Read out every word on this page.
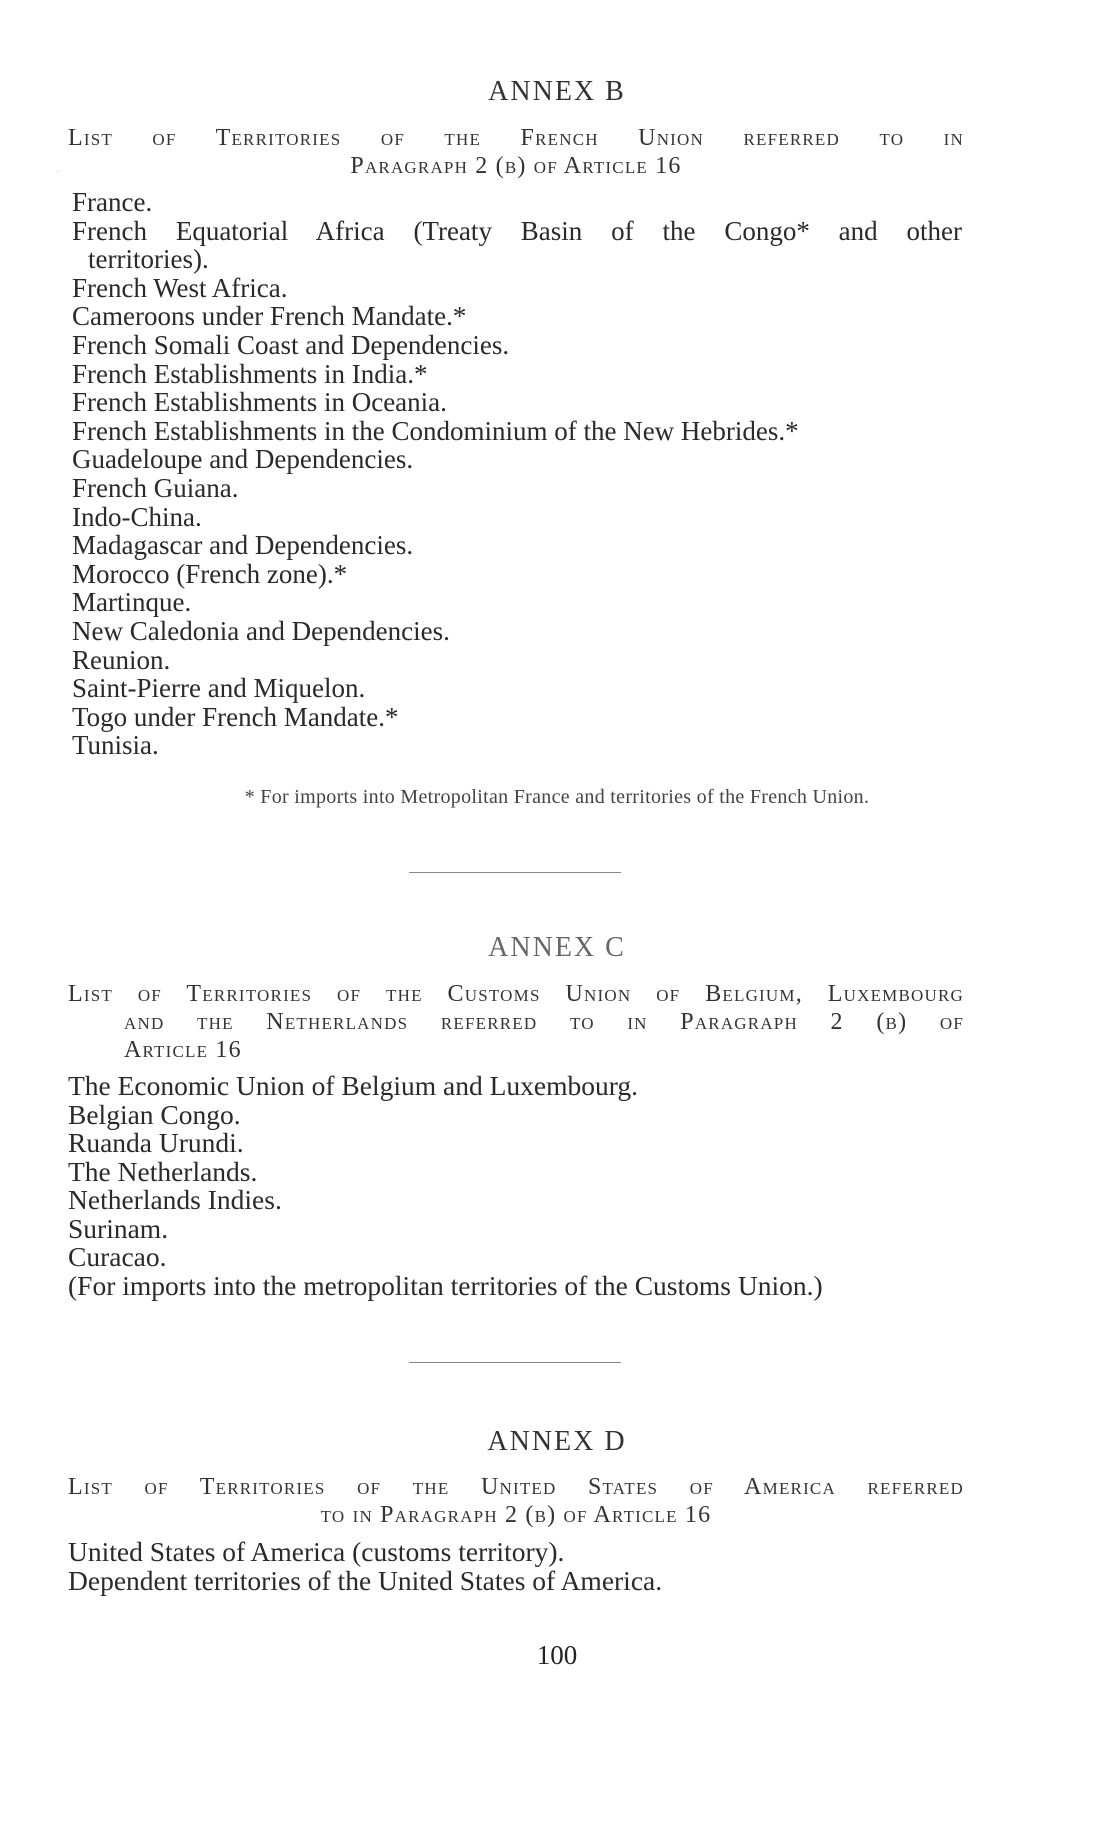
ANNEX B
List of Territories of the French Union referred to in
Paragraph 2 (b) of Article 16
·
France.
French Equatorial Africa (Treaty Basin of the Congo* and other
territories).
French West Africa.
Cameroons under French Mandate.*
French Somali Coast and Dependencies.
French Establishments in India.*
French Establishments in Oceania.
French Establishments in the Condominium of the New Hebrides.*
Guadeloupe and Dependencies.
French Guiana.
Indo-China.
Madagascar and Dependencies.
Morocco (French zone).*
Martinque.
New Caledonia and Dependencies.
Reunion.
Saint-Pierre and Miquelon.
Togo under French Mandate.*
Tunisia.
* For imports into Metropolitan France and territories of the French Union.
ANNEX C
List of Territories of the Customs Union of Belgium, Luxembourg
and the Netherlands referred to in Paragraph 2 (b) of
Article 16
The Economic Union of Belgium and Luxembourg.
Belgian Congo.
Ruanda Urundi.
The Netherlands.
Netherlands Indies.
Surinam.
Curacao.
(For imports into the metropolitan territories of the Customs Union.)
ANNEX D
List of Territories of the United States of America referred
to in Paragraph 2 (b) of Article 16
United States of America (customs territory).
Dependent territories of the United States of America.
100
